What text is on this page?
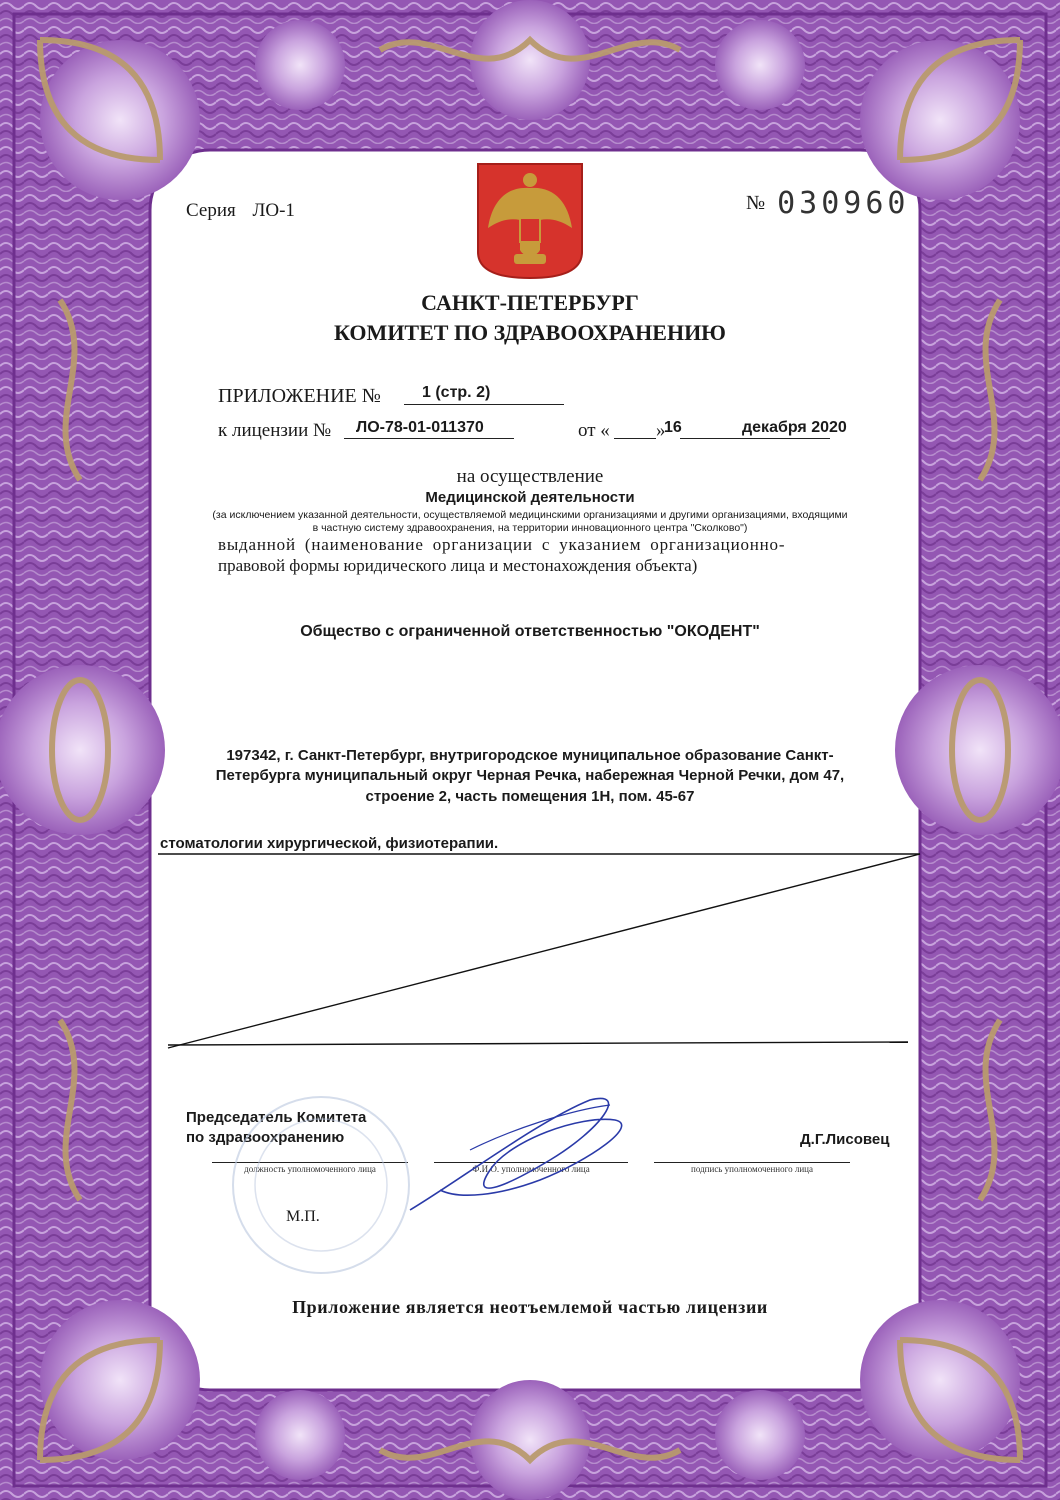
Серия ЛО-1	№ 030960
САНКТ-ПЕТЕРБУРГ
КОМИТЕТ ПО ЗДРАВООХРАНЕНИЮ
ПРИЛОЖЕНИЕ №	1 (стр. 2)
к лицензии № ЛО-78-01-011370	от « »
16	декабря 2020
на осуществление
Медицинской деятельности
(за исключением указанной деятельности, осуществляемой медицинскими организациями и другими организациями, входящими
в частную систему здравоохранения, на территории инновационного центра "Сколково")
выданной (наименование организации с указанием организационно-
правовой формы юридического лица и местонахождения объекта)
Общество с ограниченной ответственностью "ОКОДЕНТ"
197342, г. Санкт-Петербург, внутригородское муниципальное образование Санкт-
Петербурга муниципальный округ Черная Речка, набережная Черной Речки, дом 47,
строение 2, часть помещения 1Н, пом. 45-67
стоматологии хирургической, физиотерапии.
Председатель Комитета
по здравоохранению	Д.Г.Лисовец
должность уполномоченного лица	Ф.И.О. уполномоченного лица	подпись уполномоченного лица
М.П.
Приложение является неотъемлемой частью лицензии
